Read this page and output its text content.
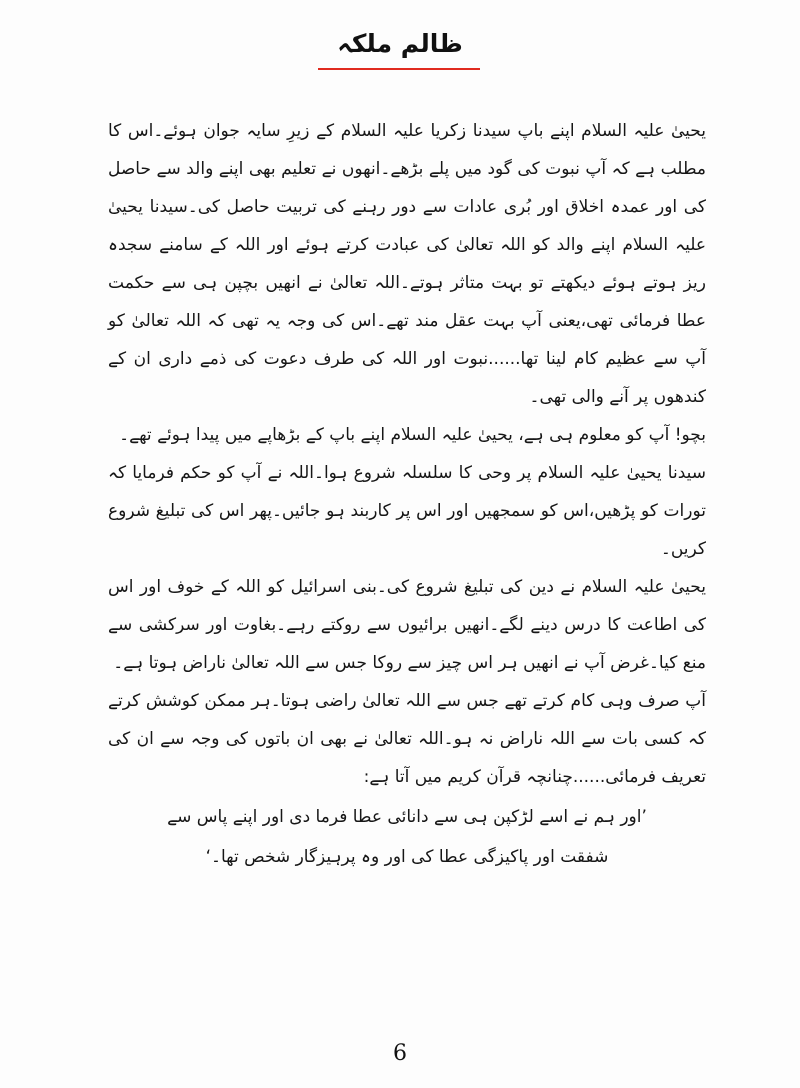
ظالم ملکہ

یحییٰ علیہ السلام اپنے باپ سیدنا زکریا علیہ السلام کے زیرِ سایہ جوان ہوئے۔اس کا مطلب ہے کہ آپ نبوت کی گود میں پلے بڑھے۔انھوں نے تعلیم بھی اپنے والد سے حاصل کی اور عمدہ اخلاق اور بُری عادات سے دور رہنے کی تربیت حاصل کی۔سیدنا یحییٰ علیہ السلام اپنے والد کو اللہ تعالیٰ کی عبادت کرتے ہوئے اور اللہ کے سامنے سجدہ ریز ہوتے ہوئے دیکھتے تو بہت متاثر ہوتے۔اللہ تعالیٰ نے انھیں بچپن ہی سے حکمت عطا فرمائی تھی،یعنی آپ بہت عقل مند تھے۔اس کی وجہ یہ تھی کہ اللہ تعالیٰ کو آپ سے عظیم کام لینا تھا......نبوت اور اللہ کی طرف دعوت کی ذمے داری ان کے کندھوں پر آنے والی تھی۔

بچو! آپ کو معلوم ہی ہے، یحییٰ علیہ السلام اپنے باپ کے بڑھاپے میں پیدا ہوئے تھے۔

سیدنا یحییٰ علیہ السلام پر وحی کا سلسلہ شروع ہوا۔اللہ نے آپ کو حکم فرمایا کہ تورات کو پڑھیں،اس کو سمجھیں اور اس پر کاربند ہو جائیں۔پھر اس کی تبلیغ شروع کریں۔

یحییٰ علیہ السلام نے دین کی تبلیغ شروع کی۔بنی اسرائیل کو اللہ کے خوف اور اس کی اطاعت کا درس دینے لگے۔انھیں برائیوں سے روکتے رہے۔بغاوت اور سرکشی سے منع کیا۔غرض آپ نے انھیں ہر اس چیز سے روکا جس سے اللہ تعالیٰ ناراض ہوتا ہے۔

آپ صرف وہی کام کرتے تھے جس سے اللہ تعالیٰ راضی ہوتا۔ہر ممکن کوشش کرتے کہ کسی بات سے اللہ ناراض نہ ہو۔اللہ تعالیٰ نے بھی ان باتوں کی وجہ سے ان کی تعریف فرمائی......چنانچہ قرآن کریم میں آتا ہے:

’اور ہم نے اسے لڑکپن ہی سے دانائی عطا فرما دی اور اپنے پاس سے

شفقت اور پاکیزگی عطا کی اور وہ پرہیزگار شخص تھا۔‘

6
